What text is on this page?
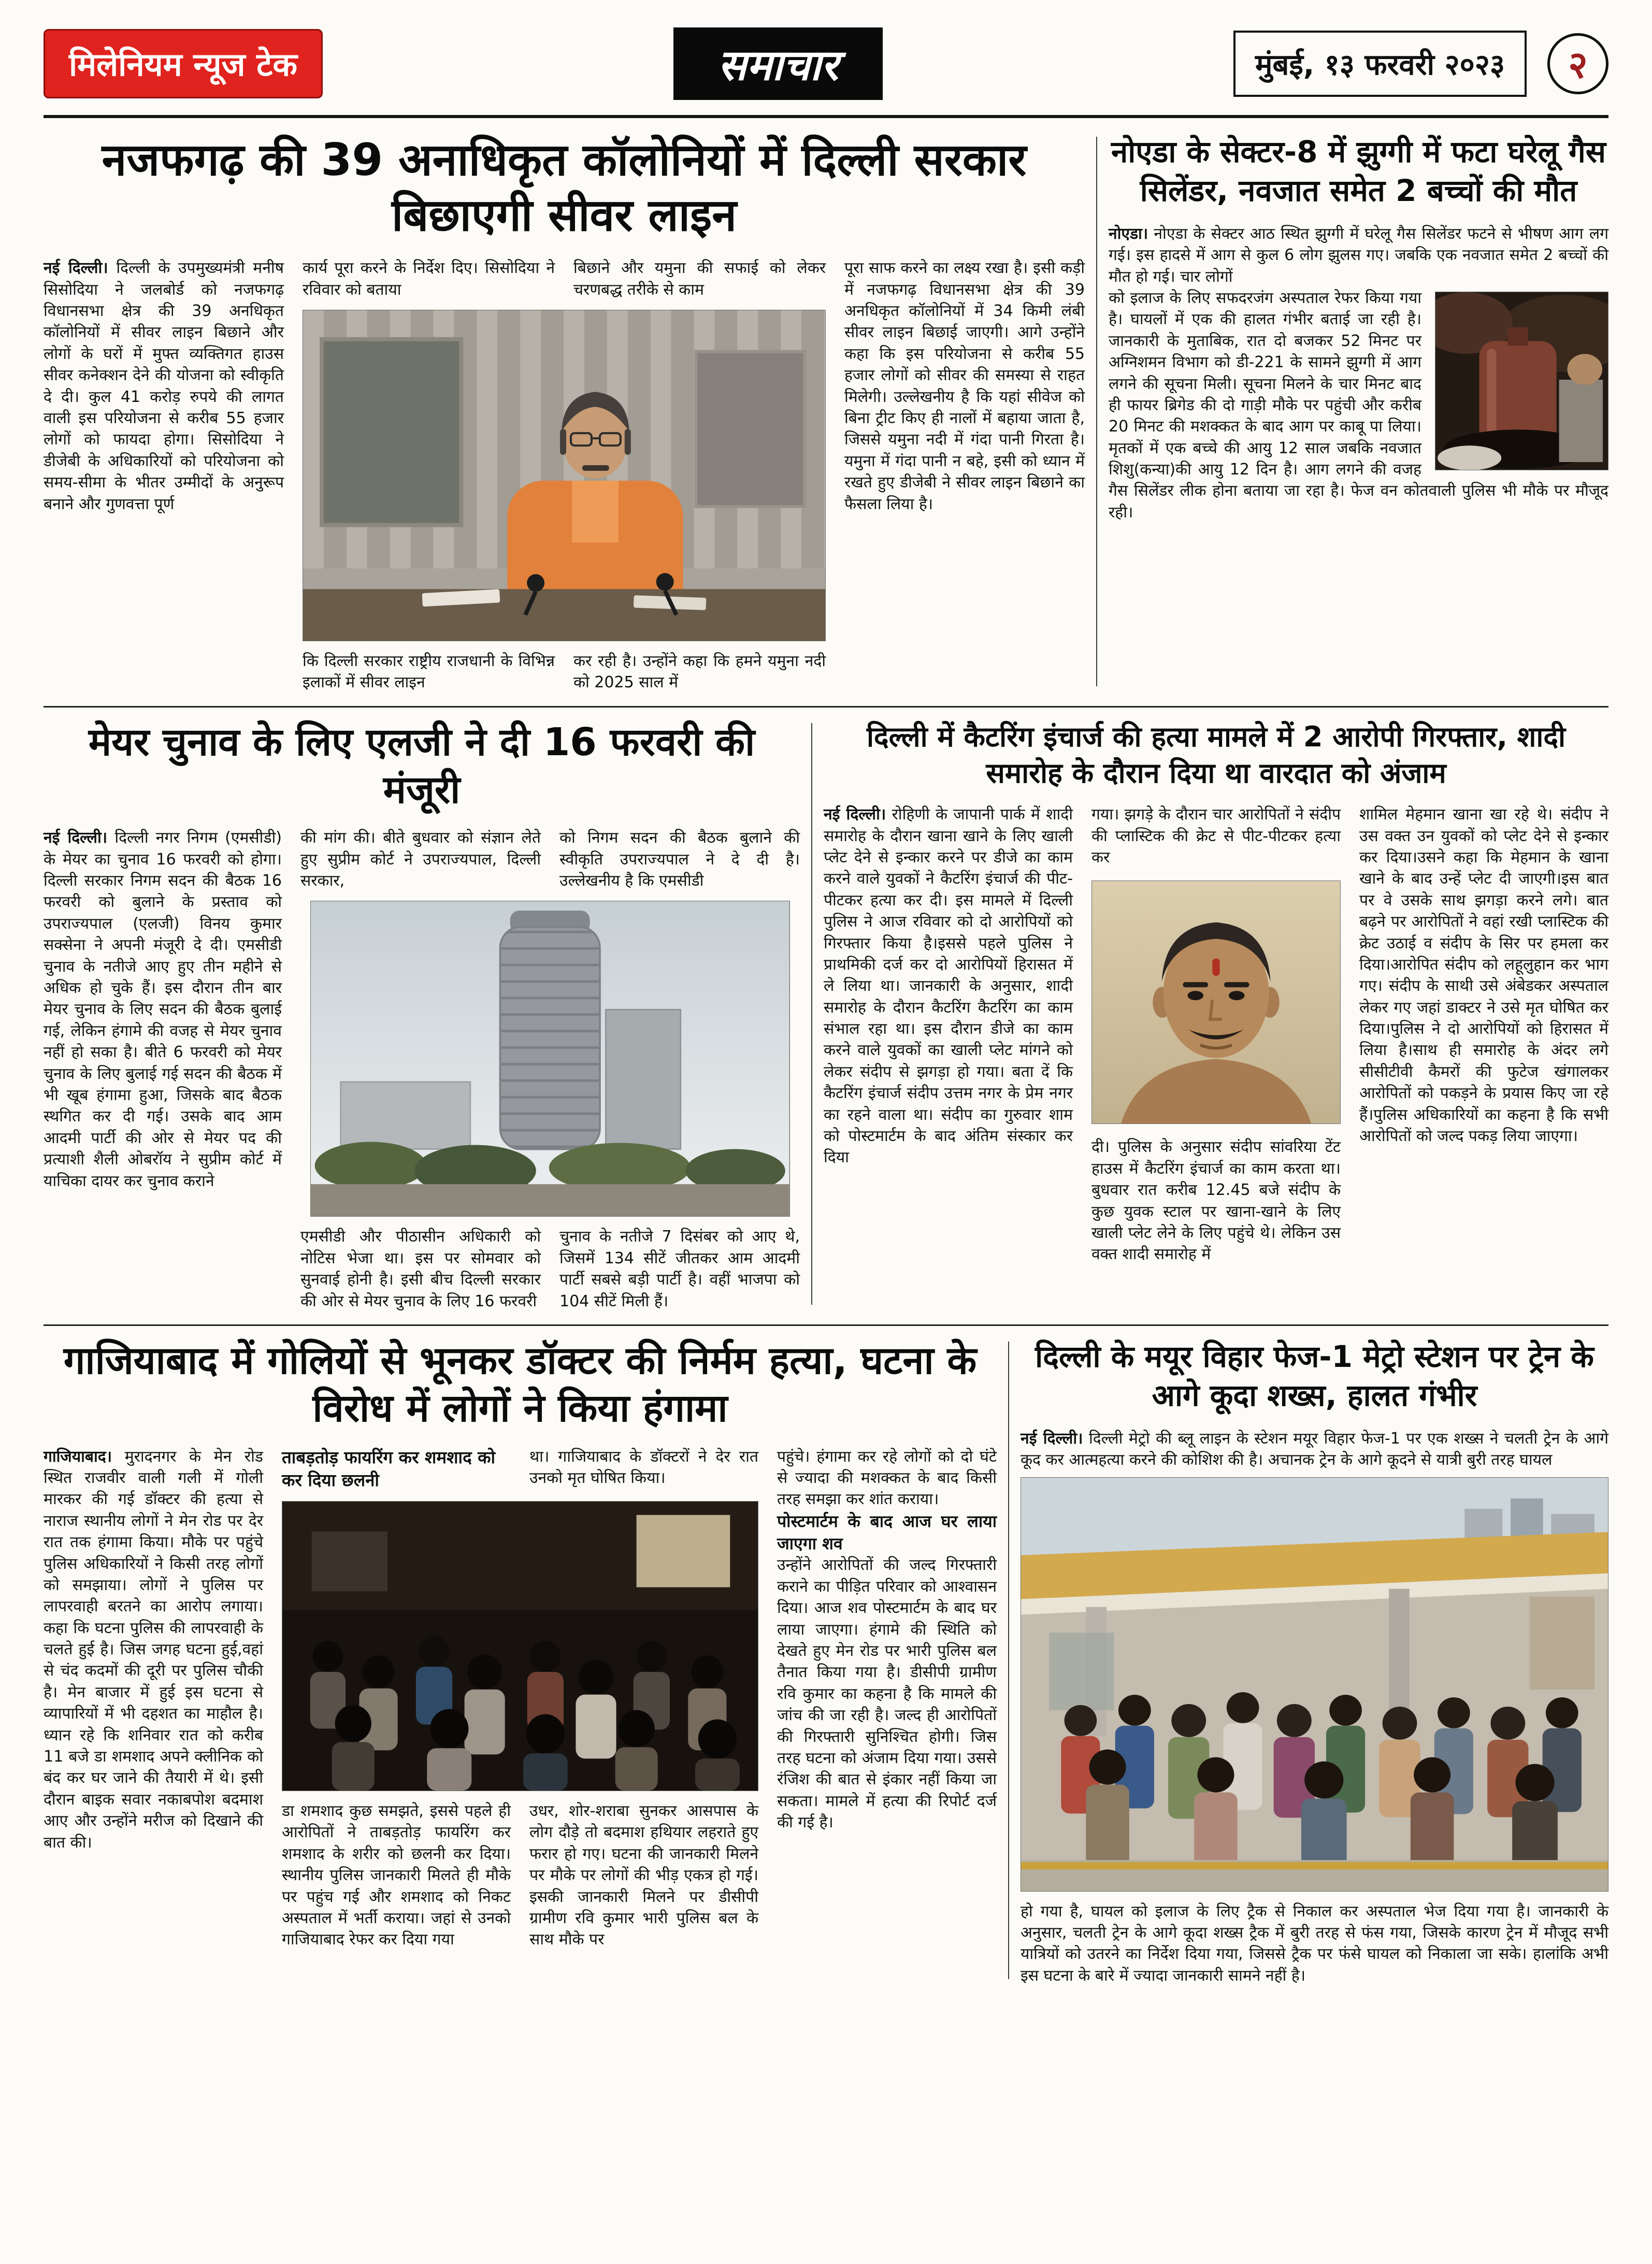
मिलेनियम न्यूज टेक	समाचार	मुंबई, १३ फरवरी २०२३	२
नजफगढ़ की 39 अनाधिकृत कॉलोनियों में दिल्ली सरकार बिछाएगी सीवर लाइन

नई दिल्ली। दिल्ली के उपमुख्यमंत्री मनीष सिसोदिया ने जलबोर्ड को नजफगढ़ विधानसभा क्षेत्र की 39 अनधिकृत कॉलोनियों में सीवर लाइन बिछाने और लोगों के घरों में मुफ्त व्यक्तिगत हाउस सीवर कनेक्शन देने की योजना को स्वीकृति दे दी। कुल 41 करोड़ रुपये की लागत वाली इस परियोजना से करीब 55 हजार लोगों को फायदा होगा। सिसोदिया ने डीजेबी के अधिकारियों को परियोजना को समय-सीमा के भीतर उम्मीदों के अनुरूप बनाने और गुणवत्ता पूर्ण

कार्य पूरा करने के निर्देश दिए। सिसोदिया ने रविवार को बताया

बिछाने और यमुना की सफाई को लेकर चरणबद्ध तरीके से काम

कि दिल्ली सरकार राष्ट्रीय राजधानी के विभिन्न इलाकों में सीवर लाइन

कर रही है। उन्होंने कहा कि हमने यमुना नदी को 2025 साल में

पूरा साफ करने का लक्ष्य रखा है। इसी कड़ी में नजफगढ़ विधानसभा क्षेत्र की 39 अनधिकृत कॉलोनियों में 34 किमी लंबी सीवर लाइन बिछाई जाएगी। आगे उन्होंने कहा कि इस परियोजना से करीब 55 हजार लोगों को सीवर की समस्या से राहत मिलेगी। उल्लेखनीय है कि यहां सीवेज को बिना ट्रीट किए ही नालों में बहाया जाता है, जिससे यमुना नदी में गंदा पानी गिरता है। यमुना में गंदा पानी न बहे, इसी को ध्यान में रखते हुए डीजेबी ने सीवर लाइन बिछाने का फैसला लिया है।

नोएडा के सेक्टर-8 में झुग्गी में फटा घरेलू गैस सिलेंडर, नवजात समेत 2 बच्चों की मौत

नोएडा। नोएडा के सेक्टर आठ स्थित झुग्गी में घरेलू गैस सिलेंडर फटने से भीषण आग लग गई। इस हादसे में आग से कुल 6 लोग झुलस गए। जबकि एक नवजात समेत 2 बच्चों की मौत हो गई। चार लोगों

को इलाज के लिए सफदरजंग अस्पताल रेफर किया गया है। घायलों में एक की हालत गंभीर बताई जा रही है। जानकारी के मुताबिक, रात दो बजकर 52 मिनट पर अग्निशमन विभाग को डी-221 के सामने झुग्गी में आग लगने की सूचना मिली। सूचना मिलने के चार मिनट बाद ही फायर ब्रिगेड की दो गाड़ी मौके पर पहुंची और करीब 20 मिनट की मशक्कत के बाद आग पर काबू पा लिया।मृतकों में एक बच्चे की आयु 12 साल जबकि नवजात शिशु(कन्या)की आयु 12 दिन है। आग लगने की वजह गैस सिलेंडर लीक होना बताया जा रहा है। फेज वन कोतवाली पुलिस भी मौके पर मौजूद रही।

मेयर चुनाव के लिए एलजी ने दी 16 फरवरी की मंजूरी

नई दिल्ली। दिल्ली नगर निगम (एमसीडी) के मेयर का चुनाव 16 फरवरी को होगा। दिल्ली सरकार निगम सदन की बैठक 16 फरवरी को बुलाने के प्रस्ताव को उपराज्यपाल (एलजी) विनय कुमार सक्सेना ने अपनी मंजूरी दे दी। एमसीडी चुनाव के नतीजे आए हुए तीन महीने से अधिक हो चुके हैं। इस दौरान तीन बार मेयर चुनाव के लिए सदन की बैठक बुलाई गई, लेकिन हंगामे की वजह से मेयर चुनाव नहीं हो सका है। बीते 6 फरवरी को मेयर चुनाव के लिए बुलाई गई सदन की बैठक में भी खूब हंगामा हुआ, जिसके बाद बैठक स्थगित कर दी गई। उसके बाद आम आदमी पार्टी की ओर से मेयर पद की प्रत्याशी शैली ओबरॉय ने सुप्रीम कोर्ट में याचिका दायर कर चुनाव कराने

की मांग की। बीते बुधवार को संज्ञान लेते हुए सुप्रीम कोर्ट ने उपराज्यपाल, दिल्ली सरकार,

को निगम सदन की बैठक बुलाने की स्वीकृति उपराज्यपाल ने दे दी है। उल्लेखनीय है कि एमसीडी

एमसीडी और पीठासीन अधिकारी को नोटिस भेजा था। इस पर सोमवार को सुनवाई होनी है। इसी बीच दिल्ली सरकार की ओर से मेयर चुनाव के लिए 16 फरवरी

चुनाव के नतीजे 7 दिसंबर को आए थे, जिसमें 134 सीटें जीतकर आम आदमी पार्टी सबसे बड़ी पार्टी है। वहीं भाजपा को 104 सीटें मिली हैं।

दिल्ली में कैटरिंग इंचार्ज की हत्या मामले में 2 आरोपी गिरफ्तार, शादी समारोह के दौरान दिया था वारदात को अंजाम

नई दिल्ली। रोहिणी के जापानी पार्क में शादी समारोह के दौरान खाना खाने के लिए खाली प्लेट देने से इन्कार करने पर डीजे का काम करने वाले युवकों ने कैटरिंग इंचार्ज की पीट-पीटकर हत्या कर दी। इस मामले में दिल्ली पुलिस ने आज रविवार को दो आरोपियों को गिरफ्तार किया है।इससे पहले पुलिस ने प्राथमिकी दर्ज कर दो आरोपियों हिरासत में ले लिया था। जानकारी के अनुसार, शादी समारोह के दौरान कैटरिंग कैटरिंग का काम संभाल रहा था। इस दौरान डीजे का काम करने वाले युवकों का खाली प्लेट मांगने को लेकर संदीप से झगड़ा हो गया। बता दें कि कैटरिंग इंचार्ज संदीप उत्तम नगर के प्रेम नगर का रहने वाला था। संदीप का गुरुवार शाम को पोस्टमार्टम के बाद अंतिम संस्कार कर दिया

गया। झगड़े के दौरान चार आरोपितों ने संदीप की प्लास्टिक की क्रेट से पीट-पीटकर हत्या कर

दी। पुलिस के अनुसार संदीप सांवरिया टेंट हाउस में कैटरिंग इंचार्ज का काम करता था। बुधवार रात करीब 12.45 बजे संदीप के कुछ युवक स्टाल पर खाना-खाने के लिए खाली प्लेट लेने के लिए पहुंचे थे। लेकिन उस वक्त शादी समारोह में

शामिल मेहमान खाना खा रहे थे। संदीप ने उस वक्त उन युवकों को प्लेट देने से इन्कार कर दिया।उसने कहा कि मेहमान के खाना खाने के बाद उन्हें प्लेट दी जाएगी।इस बात पर वे उसके साथ झगड़ा करने लगे। बात बढ़ने पर आरोपितों ने वहां रखी प्लास्टिक की क्रेट उठाई व संदीप के सिर पर हमला कर दिया।आरोपित संदीप को लहूलुहान कर भाग गए। संदीप के साथी उसे अंबेडकर अस्पताल लेकर गए जहां डाक्टर ने उसे मृत घोषित कर दिया।पुलिस ने दो आरोपियों को हिरासत में लिया है।साथ ही समारोह के अंदर लगे सीसीटीवी कैमरों की फुटेज खंगालकर आरोपितों को पकड़ने के प्रयास किए जा रहे हैं।पुलिस अधिकारियों का कहना है कि सभी आरोपितों को जल्द पकड़ लिया जाएगा।

गाजियाबाद में गोलियों से भूनकर डॉक्टर की निर्मम हत्या, घटना के विरोध में लोगों ने किया हंगामा

गाजियाबाद। मुरादनगर के मेन रोड स्थित राजवीर वाली गली में गोली मारकर की गई डॉक्टर की हत्या से नाराज स्थानीय लोगों ने मेन रोड पर देर रात तक हंगामा किया। मौके पर पहुंचे पुलिस अधिकारियों ने किसी तरह लोगों को समझाया। लोगों ने पुलिस पर लापरवाही बरतने का आरोप लगाया। कहा कि घटना पुलिस की लापरवाही के चलते हुई है। जिस जगह घटना हुई,वहां से चंद कदमों की दूरी पर पुलिस चौकी है। मेन बाजार में हुई इस घटना से व्यापारियों में भी दहशत का माहौल है। ध्यान रहे कि शनिवार रात को करीब 11 बजे डा शमशाद अपने क्लीनिक को बंद कर घर जाने की तैयारी में थे। इसी दौरान बाइक सवार नकाबपोश बदमाश आए और उन्होंने मरीज को दिखाने की बात की।

ताबड़तोड़ फायरिंग कर शमशाद को कर दिया छलनी

था। गाजियाबाद के डॉक्टरों ने देर रात उनको मृत घोषित किया।

डा शमशाद कुछ समझते, इससे पहले ही आरोपितों ने ताबड़तोड़ फायरिंग कर शमशाद के शरीर को छलनी कर दिया। स्थानीय पुलिस जानकारी मिलते ही मौके पर पहुंच गई और शमशाद को निकट अस्पताल में भर्ती कराया। जहां से उनको गाजियाबाद रेफर कर दिया गया

उधर, शोर-शराबा सुनकर आसपास के लोग दौड़े तो बदमाश हथियार लहराते हुए फरार हो गए। घटना की जानकारी मिलने पर मौके पर लोगों की भीड़ एकत्र हो गई। इसकी जानकारी मिलने पर डीसीपी ग्रामीण रवि कुमार भारी पुलिस बल के साथ मौके पर

पहुंचे। हंगामा कर रहे लोगों को दो घंटे से ज्यादा की मशक्कत के बाद किसी तरह समझा कर शांत कराया।

पोस्टमार्टम के बाद आज घर लाया जाएगा शव

उन्होंने आरोपितों की जल्द गिरफ्तारी कराने का पीड़ित परिवार को आश्वासन दिया। आज शव पोस्टमार्टम के बाद घर लाया जाएगा। हंगामे की स्थिति को देखते हुए मेन रोड पर भारी पुलिस बल तैनात किया गया है। डीसीपी ग्रामीण रवि कुमार का कहना है कि मामले की जांच की जा रही है। जल्द ही आरोपितों की गिरफ्तारी सुनिश्चित होगी। जिस तरह घटना को अंजाम दिया गया। उससे रंजिश की बात से इंकार नहीं किया जा सकता। मामले में हत्या की रिपोर्ट दर्ज की गई है।

दिल्ली के मयूर विहार फेज-1 मेट्रो स्टेशन पर ट्रेन के आगे कूदा शख्स, हालत गंभीर

नई दिल्ली। दिल्ली मेट्रो की ब्लू लाइन के स्टेशन मयूर विहार फेज-1 पर एक शख्स ने चलती ट्रेन के आगे कूद कर आत्महत्या करने की कोशिश की है। अचानक ट्रेन के आगे कूदने से यात्री बुरी तरह घायल

हो गया है, घायल को इलाज के लिए ट्रैक से निकाल कर अस्पताल भेज दिया गया है। जानकारी के अनुसार, चलती ट्रेन के आगे कूदा शख्स ट्रैक में बुरी तरह से फंस गया, जिसके कारण ट्रेन में मौजूद सभी यात्रियों को उतरने का निर्देश दिया गया, जिससे ट्रैक पर फंसे घायल को निकाला जा सके। हालांकि अभी इस घटना के बारे में ज्यादा जानकारी सामने नहीं है।
